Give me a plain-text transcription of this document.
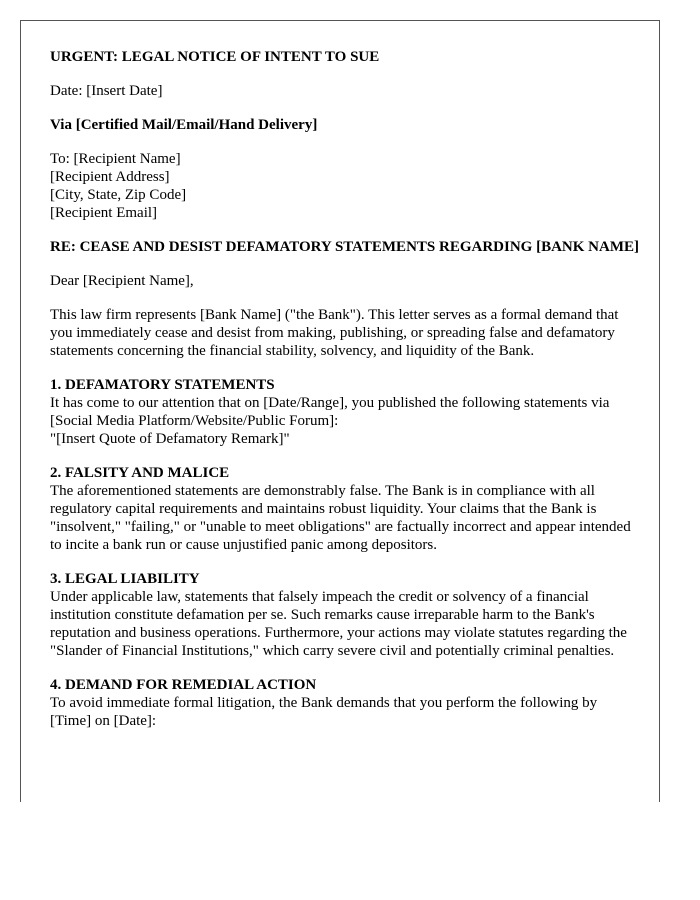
URGENT: LEGAL NOTICE OF INTENT TO SUE

Date: [Insert Date]

Via [Certified Mail/Email/Hand Delivery]

To: [Recipient Name]

[Recipient Address]

[City, State, Zip Code]

[Recipient Email]

RE: CEASE AND DESIST DEFAMATORY STATEMENTS REGARDING [BANK NAME]

Dear [Recipient Name],

This law firm represents [Bank Name] ("the Bank"). This letter serves as a formal demand that you immediately cease and desist from making, publishing, or spreading false and defamatory statements concerning the financial stability, solvency, and liquidity of the Bank.

1. DEFAMATORY STATEMENTS

It has come to our attention that on [Date/Range], you published the following statements via [Social Media Platform/Website/Public Forum]:

"[Insert Quote of Defamatory Remark]"

2. FALSITY AND MALICE

The aforementioned statements are demonstrably false. The Bank is in compliance with all regulatory capital requirements and maintains robust liquidity. Your claims that the Bank is "insolvent," "failing," or "unable to meet obligations" are factually incorrect and appear intended to incite a bank run or cause unjustified panic among depositors.

3. LEGAL LIABILITY

Under applicable law, statements that falsely impeach the credit or solvency of a financial institution constitute defamation per se. Such remarks cause irreparable harm to the Bank's reputation and business operations. Furthermore, your actions may violate statutes regarding the "Slander of Financial Institutions," which carry severe civil and potentially criminal penalties.

4. DEMAND FOR REMEDIAL ACTION

To avoid immediate formal litigation, the Bank demands that you perform the following by [Time] on [Date]:
